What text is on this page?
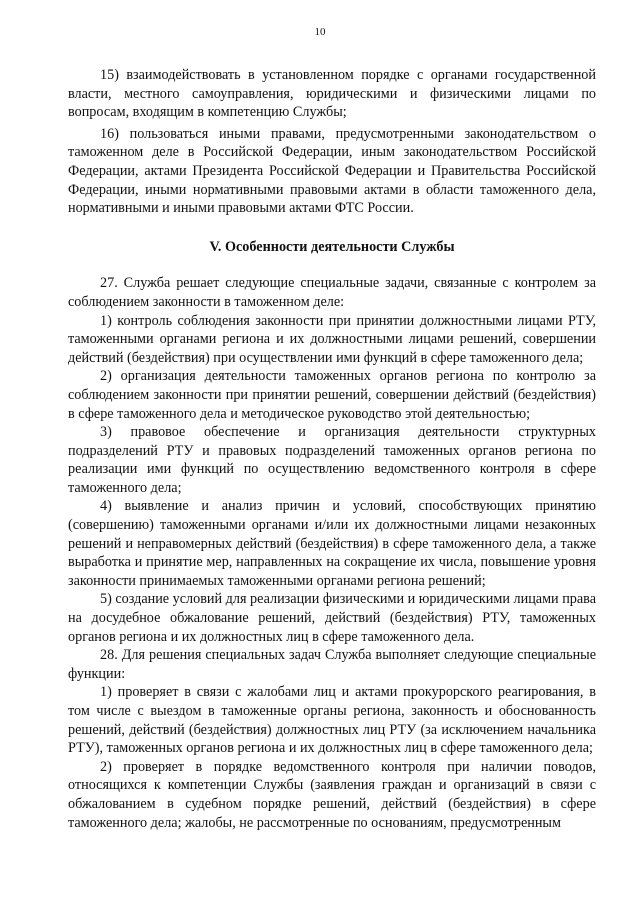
10

15) взаимодействовать в установленном порядке с органами государственной власти, местного самоуправления, юридическими и физическими лицами по вопросам, входящим в компетенцию Службы;

16) пользоваться иными правами, предусмотренными законодательством о таможенном деле в Российской Федерации, иным законодательством Российской Федерации, актами Президента Российской Федерации и Правительства Российской Федерации, иными нормативными правовыми актами в области таможенного дела, нормативными и иными правовыми актами ФТС России.

V. Особенности деятельности Службы

27. Служба решает следующие специальные задачи, связанные с контролем за соблюдением законности в таможенном деле:

1) контроль соблюдения законности при принятии должностными лицами РТУ, таможенными органами региона и их должностными лицами решений, совершении действий (бездействия) при осуществлении ими функций в сфере таможенного дела;

2) организация деятельности таможенных органов региона по контролю за соблюдением законности при принятии решений, совершении действий (бездействия) в сфере таможенного дела и методическое руководство этой деятельностью;

3) правовое обеспечение и организация деятельности структурных подразделений РТУ и правовых подразделений таможенных органов региона по реализации ими функций по осуществлению ведомственного контроля в сфере таможенного дела;

4) выявление и анализ причин и условий, способствующих принятию (совершению) таможенными органами и/или их должностными лицами незаконных решений и неправомерных действий (бездействия) в сфере таможенного дела, а также выработка и принятие мер, направленных на сокращение их числа, повышение уровня законности принимаемых таможенными органами региона решений;

5) создание условий для реализации физическими и юридическими лицами права на досудебное обжалование решений, действий (бездействия) РТУ, таможенных органов региона и их должностных лиц в сфере таможенного дела.

28. Для решения специальных задач Служба выполняет следующие специальные функции:

1) проверяет в связи с жалобами лиц и актами прокурорского реагирования, в том числе с выездом в таможенные органы региона, законность и обоснованность решений, действий (бездействия) должностных лиц РТУ (за исключением начальника РТУ), таможенных органов региона и их должностных лиц в сфере таможенного дела;

2) проверяет в порядке ведомственного контроля при наличии поводов, относящихся к компетенции Службы (заявления граждан и организаций в связи с обжалованием в судебном порядке решений, действий (бездействия) в сфере таможенного дела; жалобы, не рассмотренные по основаниям, предусмотренным
